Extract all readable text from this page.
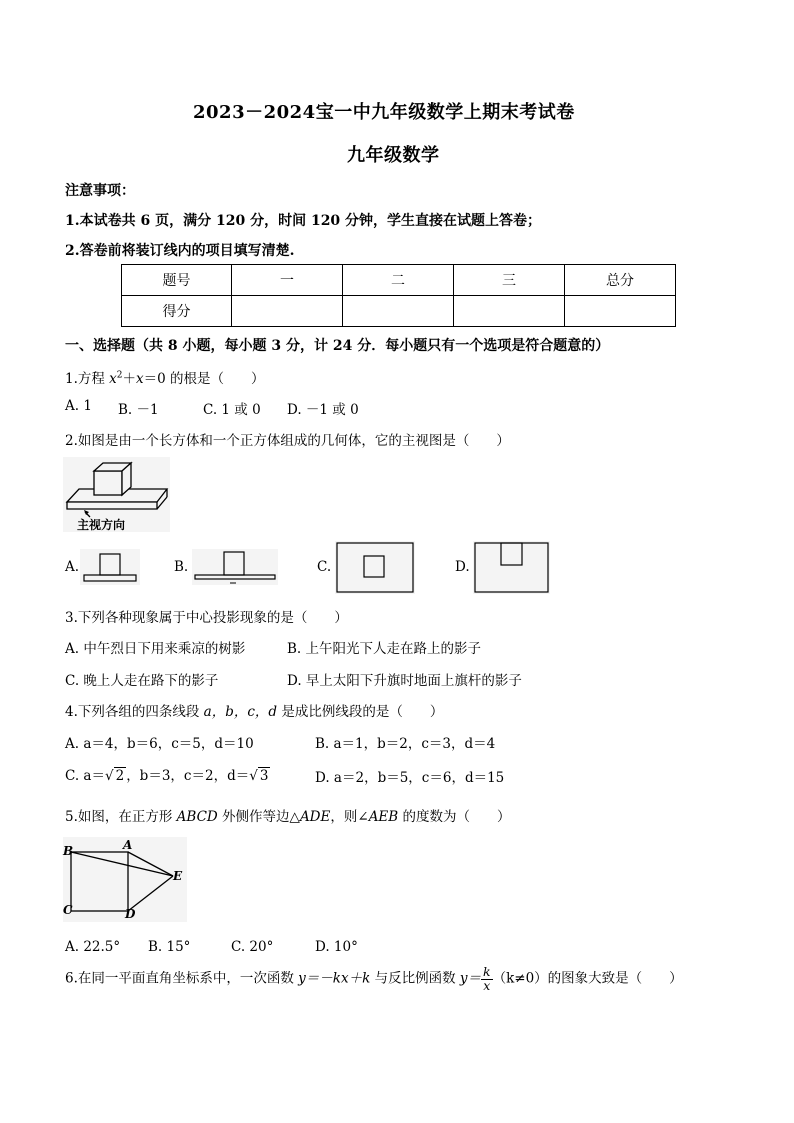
2023－2024宝一中九年级数学上期末考试卷
九年级数学
注意事项：
1.本试卷共 6 页，满分 120 分，时间 120 分钟，学生直接在试题上答卷；
2.答卷前将装订线内的项目填写清楚.
题号	一	二	三	总分
得分				
一、选择题（共 8 小题，每小题 3 分，计 24 分．每小题只有一个选项是符合题意的）
1.方程 $x^2+x=0$ 的根是（　　）
A. 1 B. －1	C. 1 或 0 D. －1 或 0
2.如图是由一个长方体和一个正方体组成的几何体，它的主视图是（　　）
主视方向
A.	B.	C.	D.
3.下列各种现象属于中心投影现象的是（　　）
A. 中午烈日下用来乘凉的树影	B. 上午阳光下人走在路上的影子
C. 晚上人走在路下的影子	D. 早上太阳下升旗时地面上旗杆的影子
4.下列各组的四条线段 a，b，c，d 是成比例线段的是（　　）
A. a＝4，b＝6，c＝5，d＝10	B. a＝1，b＝2，c＝3，d＝4
C. a＝√ 2 ，b＝3，c＝2，d＝√ 3	D. a＝2，b＝5，c＝6，d＝15
5.如图，在正方形 ABCD 外侧作等边△ADE，则∠AEB 的度数为（　　）
B	A
E
C	D
A. 22.5° B. 15°	C. 20°	D. 10°
6.在同一平面直角坐标系中，一次函数 y＝－kx＋k 与反比例函数 $y= \frac{k}{x} (k\ne 0)$的图象大致是（　　）
